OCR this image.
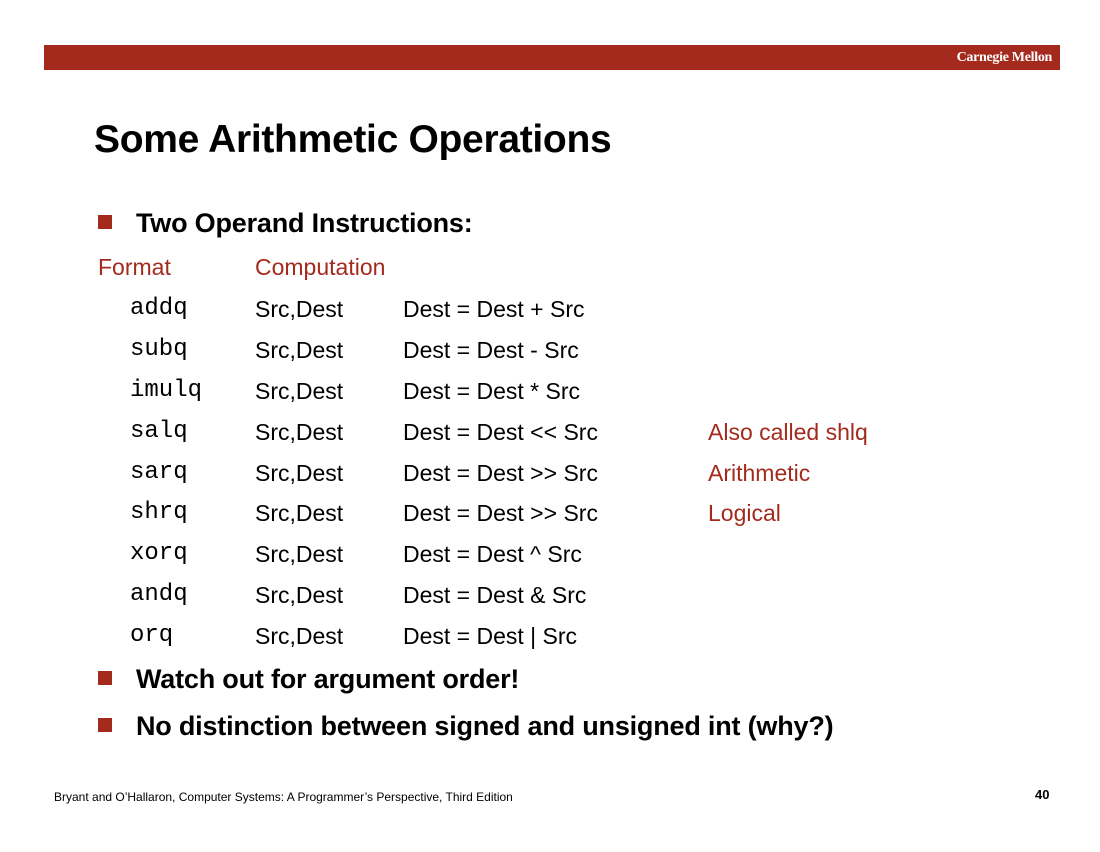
Carnegie Mellon
Some Arithmetic Operations
Two Operand Instructions:
Format	Computation
addq	Src,Dest	Dest = Dest + Src
subq	Src,Dest	Dest = Dest - Src
imulq Src,Dest	Dest = Dest * Src
salq	Src,Dest	Dest = Dest << Src	Also called shlq
sarq	Src,Dest	Dest = Dest >> Src	Arithmetic
shrq	Src,Dest	Dest = Dest >> Src	Logical
xorq	Src,Dest	Dest = Dest ^ Src
andq	Src,Dest	Dest = Dest & Src
orq	Src,Dest	Dest = Dest | Src
Watch out for argument order!
No distinction between signed and unsigned int (why?)
Bryant and O’Hallaron, Computer Systems: A Programmer’s Perspective, Third Edition	40
